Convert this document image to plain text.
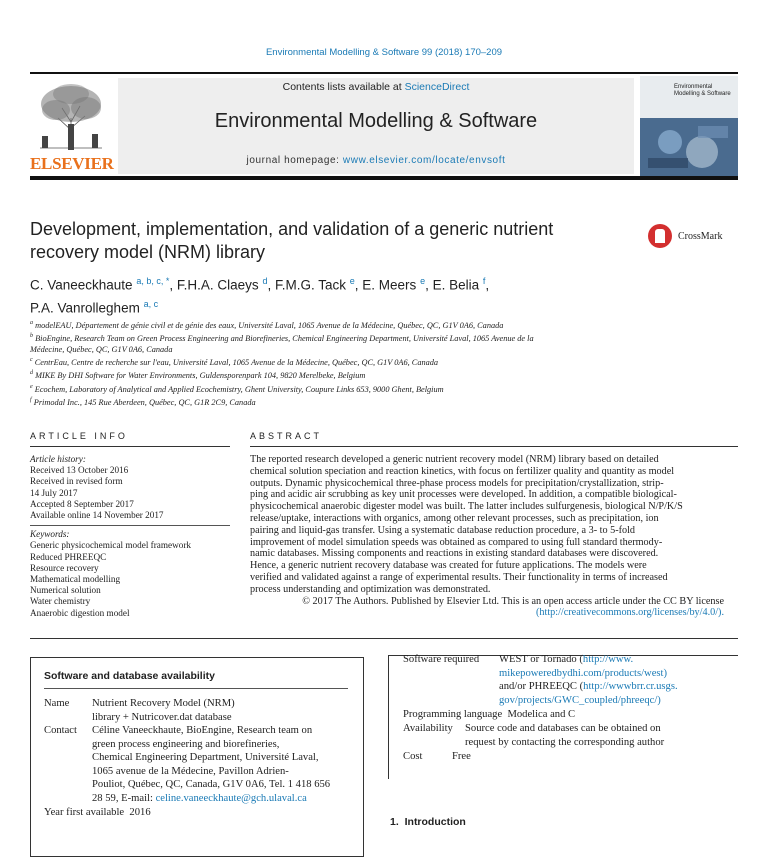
Environmental Modelling & Software 99 (2018) 170–209
ELSEVIER
Contents lists available at ScienceDirect
Environmental Modelling & Software
journal homepage: www.elsevier.com/locate/envsoft
Environmental Modelling & Software
Development, implementation, and validation of a generic nutrient
recovery model (NRM) library
CrossMark
C. Vaneeckhaute $^{a, b, c, *}$, F.H.A. Claeys $^d$, F.M.G. Tack $^e$, E. Meers $^e$, E. Belia $^f$,
P.A. Vanrolleghem $^{a, c}$

$^a$ modelEAU, Département de génie civil et de génie des eaux, Université Laval, 1065 Avenue de la Médecine, Québec, QC, G1V 0A6, Canada

$^b$ BioEngine, Research Team on Green Process Engineering and Biorefineries, Chemical Engineering Department, Université Laval, 1065 Avenue de la

Médecine, Québec, QC, G1V 0A6, Canada

$^c$ CentrEau, Centre de recherche sur l'eau, Université Laval, 1065 Avenue de la Médecine, Québec, QC, G1V 0A6, Canada

$^d$ MIKE By DHI Software for Water Environments, Guldensporenpark 104, 9820 Merelbeke, Belgium

$^e$ Ecochem, Laboratory of Analytical and Applied Ecochemistry, Ghent University, Coupure Links 653, 9000 Ghent, Belgium

$^f$ Primodal Inc., 145 Rue Aberdeen, Québec, QC, G1R 2C9, Canada

ARTICLE INFO	ABSTRACT
Article history:
Received 13 October 2016
Received in revised form
14 July 2017
Accepted 8 September 2017
Available online 14 November 2017
Keywords:
Generic physicochemical model framework
Reduced PHREEQC
Resource recovery
Mathematical modelling
Numerical solution
Water chemistry
Anaerobic digestion model

The reported research developed a generic nutrient recovery model (NRM) library based on detailed

chemical solution speciation and reaction kinetics, with focus on fertilizer quality and quantity as model

outputs. Dynamic physicochemical three-phase process models for precipitation/crystallization, strip-

ping and acidic air scrubbing as key unit processes were developed. In addition, a compatible biological-

physicochemical anaerobic digester model was built. The latter includes sulfurgenesis, biological N/P/K/S

release/uptake, interactions with organics, among other relevant processes, such as precipitation, ion

pairing and liquid-gas transfer. Using a systematic database reduction procedure, a 3- to 5-fold

improvement of model simulation speeds was obtained as compared to using full standard thermody-

namic databases. Missing components and reactions in existing standard databases were discovered.

Hence, a generic nutrient recovery database was created for future applications. The models were

verified and validated against a range of experimental results. Their functionality in terms of increased

process understanding and optimization was demonstrated.

© 2017 The Authors. Published by Elsevier Ltd. This is an open access article under the CC BY license

(http://creativecommons.org/licenses/by/4.0/).

Software and database availability
Name Nutrient Recovery Model (NRM)
library + Nutricover.dat database
Contact Céline Vaneeckhaute, BioEngine, Research team on
green process engineering and biorefineries,
Chemical Engineering Department, Université Laval,
1065 avenue de la Médecine, Pavillon Adrien-
Pouliot, Québec, QC, Canada, G1V 0A6, Tel. 1 418 656
28 59, E-mail: celine.vaneeckhaute@gch.ulaval.ca
Year first available 2016
Software required WEST or Tornado (http://www.
mikepoweredbydhi.com/products/west)
and/or PHREEQC (http://wwwbrr.cr.usgs.
gov/projects/GWC_coupled/phreeqc/)
Programming language Modelica and C
Availability Source code and databases can be obtained on
request by contacting the corresponding author
Cost	Free
1. Introduction
